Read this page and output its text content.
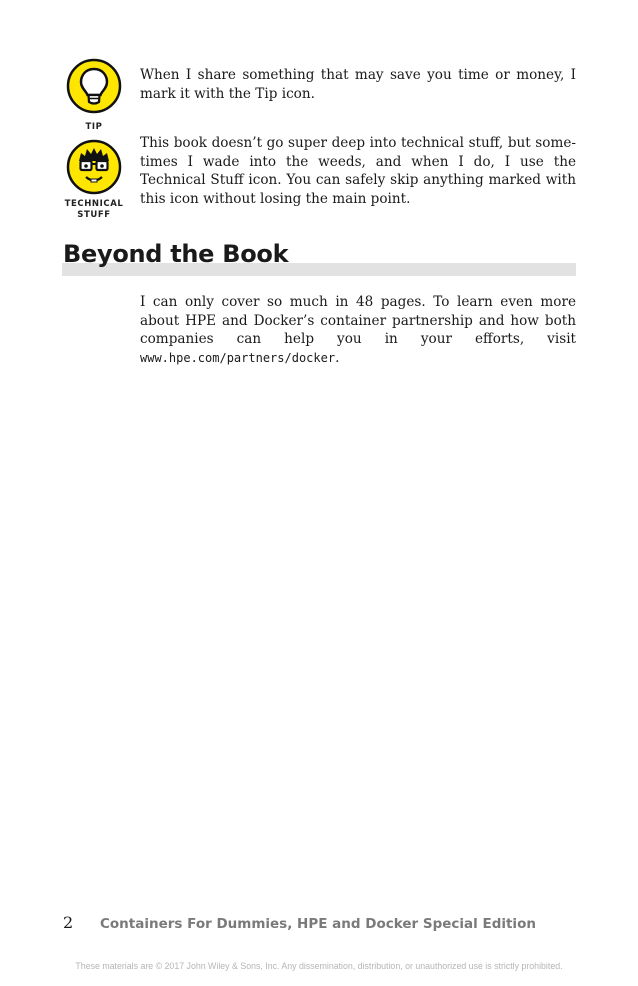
TIP

When I share something that may save you time or money, I mark it with the Tip icon.

TECHNICAL
STUFF

This book doesn’t go super deep into technical stuff, but sometimes I wade into the weeds, and when I do, I use the Technical Stuff icon. You can safely skip anything marked with this icon without losing the main point.

Beyond the Book

I can only cover so much in 48 pages. To learn even more about HPE and Docker’s container partnership and how both companies can help you in your efforts, visit www.hpe.com/partners/docker.

2 Containers For Dummies, HPE and Docker Special Edition
These materials are © 2017 John Wiley & Sons, Inc. Any dissemination, distribution, or unauthorized use is strictly prohibited.
